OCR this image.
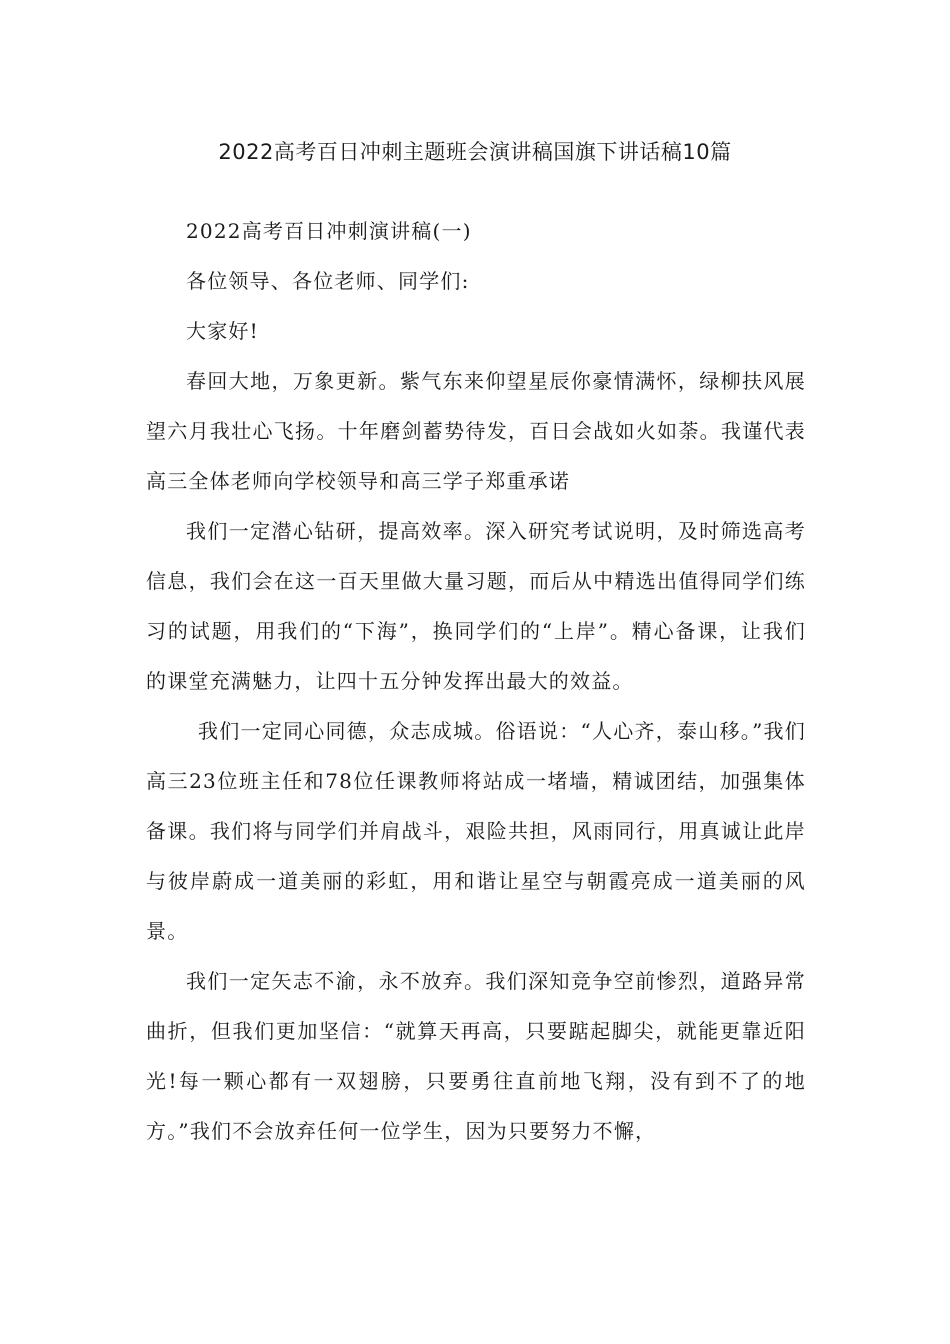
2022高考百日冲刺主题班会演讲稿国旗下讲话稿10篇

2022高考百日冲刺演讲稿(一)

各位领导、各位老师、同学们:

大家好!

春回大地，万象更新。紫气东来仰望星辰你豪情满怀，绿柳扶风展望六月我壮心飞扬。十年磨剑蓄势待发，百日会战如火如荼。我谨代表高三全体老师向学校领导和高三学子郑重承诺

我们一定潜心钻研，提高效率。深入研究考试说明，及时筛选高考信息，我们会在这一百天里做大量习题，而后从中精选出值得同学们练习的试题，用我们的“下海”，换同学们的“上岸”。精心备课，让我们的课堂充满魅力，让四十五分钟发挥出最大的效益。

我们一定同心同德，众志成城。俗语说：“人心齐，泰山移。”我们高三23位班主任和78位任课教师将站成一堵墙，精诚团结，加强集体备课。我们将与同学们并肩战斗，艰险共担，风雨同行，用真诚让此岸与彼岸蔚成一道美丽的彩虹，用和谐让星空与朝霞亮成一道美丽的风景。

我们一定矢志不渝，永不放弃。我们深知竞争空前惨烈，道路异常曲折，但我们更加坚信：“就算天再高，只要踮起脚尖，就能更靠近阳光!每一颗心都有一双翅膀，只要勇往直前地飞翔，没有到不了的地方。”我们不会放弃任何一位学生，因为只要努力不懈，
